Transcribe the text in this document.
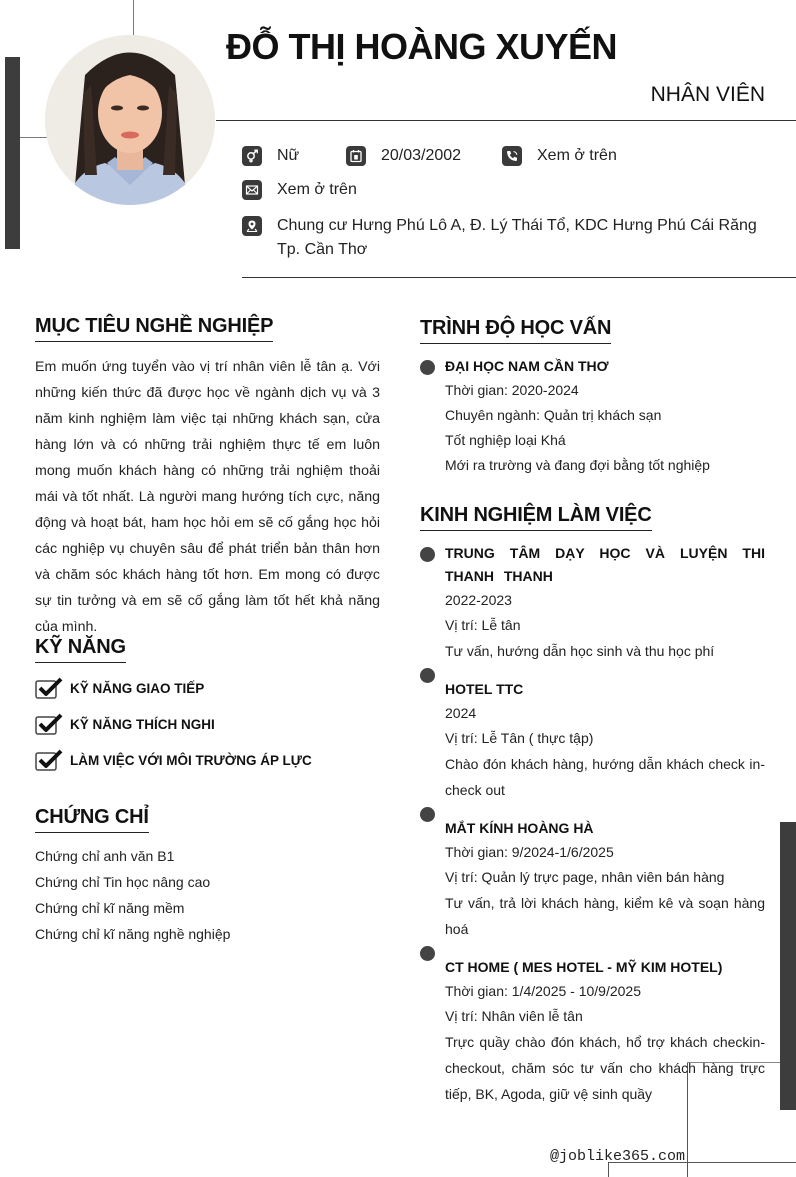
ĐỖ THỊ HOÀNG XUYẾN
NHÂN VIÊN
Nữ	20/03/2002	Xem ở trên
Xem ở trên
Chung cư Hưng Phú Lô A, Đ. Lý Thái Tổ, KDC Hưng Phú Cái Răng Tp. Cần Thơ
MỤC TIÊU NGHỀ NGHIỆP
Em muốn ứng tuyển vào vị trí nhân viên lễ tân ạ. Với những kiến thức đã được học về ngành dịch vụ và 3 năm kinh nghiệm làm việc tại những khách sạn, cửa hàng lớn và có những trải nghiệm thực tế em luôn mong muốn khách hàng có những trải nghiệm thoải mái và tốt nhất. Là người mang hướng tích cực, năng động và hoạt bát, ham học hỏi em sẽ cố gắng học hỏi các nghiệp vụ chuyên sâu để phát triển bản thân hơn và chăm sóc khách hàng tốt hơn. Em mong có được sự tin tưởng và em sẽ cố gắng làm tốt hết khả năng của mình.
KỸ NĂNG
KỸ NĂNG GIAO TIẾP
KỸ NĂNG THÍCH NGHI
LÀM VIỆC VỚI MÔI TRƯỜNG ÁP LỰC
CHỨNG CHỈ
Chứng chỉ anh văn B1
Chứng chỉ Tin học nâng cao
Chứng chỉ kĩ năng mềm
Chứng chỉ kĩ năng nghề nghiệp
TRÌNH ĐỘ HỌC VẤN
ĐẠI HỌC NAM CẦN THƠ
Thời gian: 2020-2024
Chuyên ngành: Quản trị khách sạn
Tốt nghiệp loại Khá
Mới ra trường và đang đợi bằng tốt nghiệp
KINH NGHIỆM LÀM VIỆC
TRUNG TÂM DẠY HỌC VÀ LUYỆN THI THANH THANH
2022-2023
Vị trí: Lễ tân
Tư vấn, hướng dẫn học sinh và thu học phí
HOTEL TTC
2024
Vị trí: Lễ Tân ( thực tập)
Chào đón khách hàng, hướng dẫn khách check in-check out
MẮT KÍNH HOÀNG HÀ
Thời gian: 9/2024-1/6/2025
Vị trí: Quản lý trực page, nhân viên bán hàng
Tư vấn, trả lời khách hàng, kiểm kê và soạn hàng hoá
CT HOME ( MES HOTEL - MỸ KIM HOTEL)
Thời gian: 1/4/2025 - 10/9/2025
Vị trí: Nhân viên lễ tân
Trực quầy chào đón khách, hổ trợ khách checkin-checkout, chăm sóc tư vấn cho khách hàng trực tiếp, BK, Agoda, giữ vệ sinh quầy
@joblike365.com
